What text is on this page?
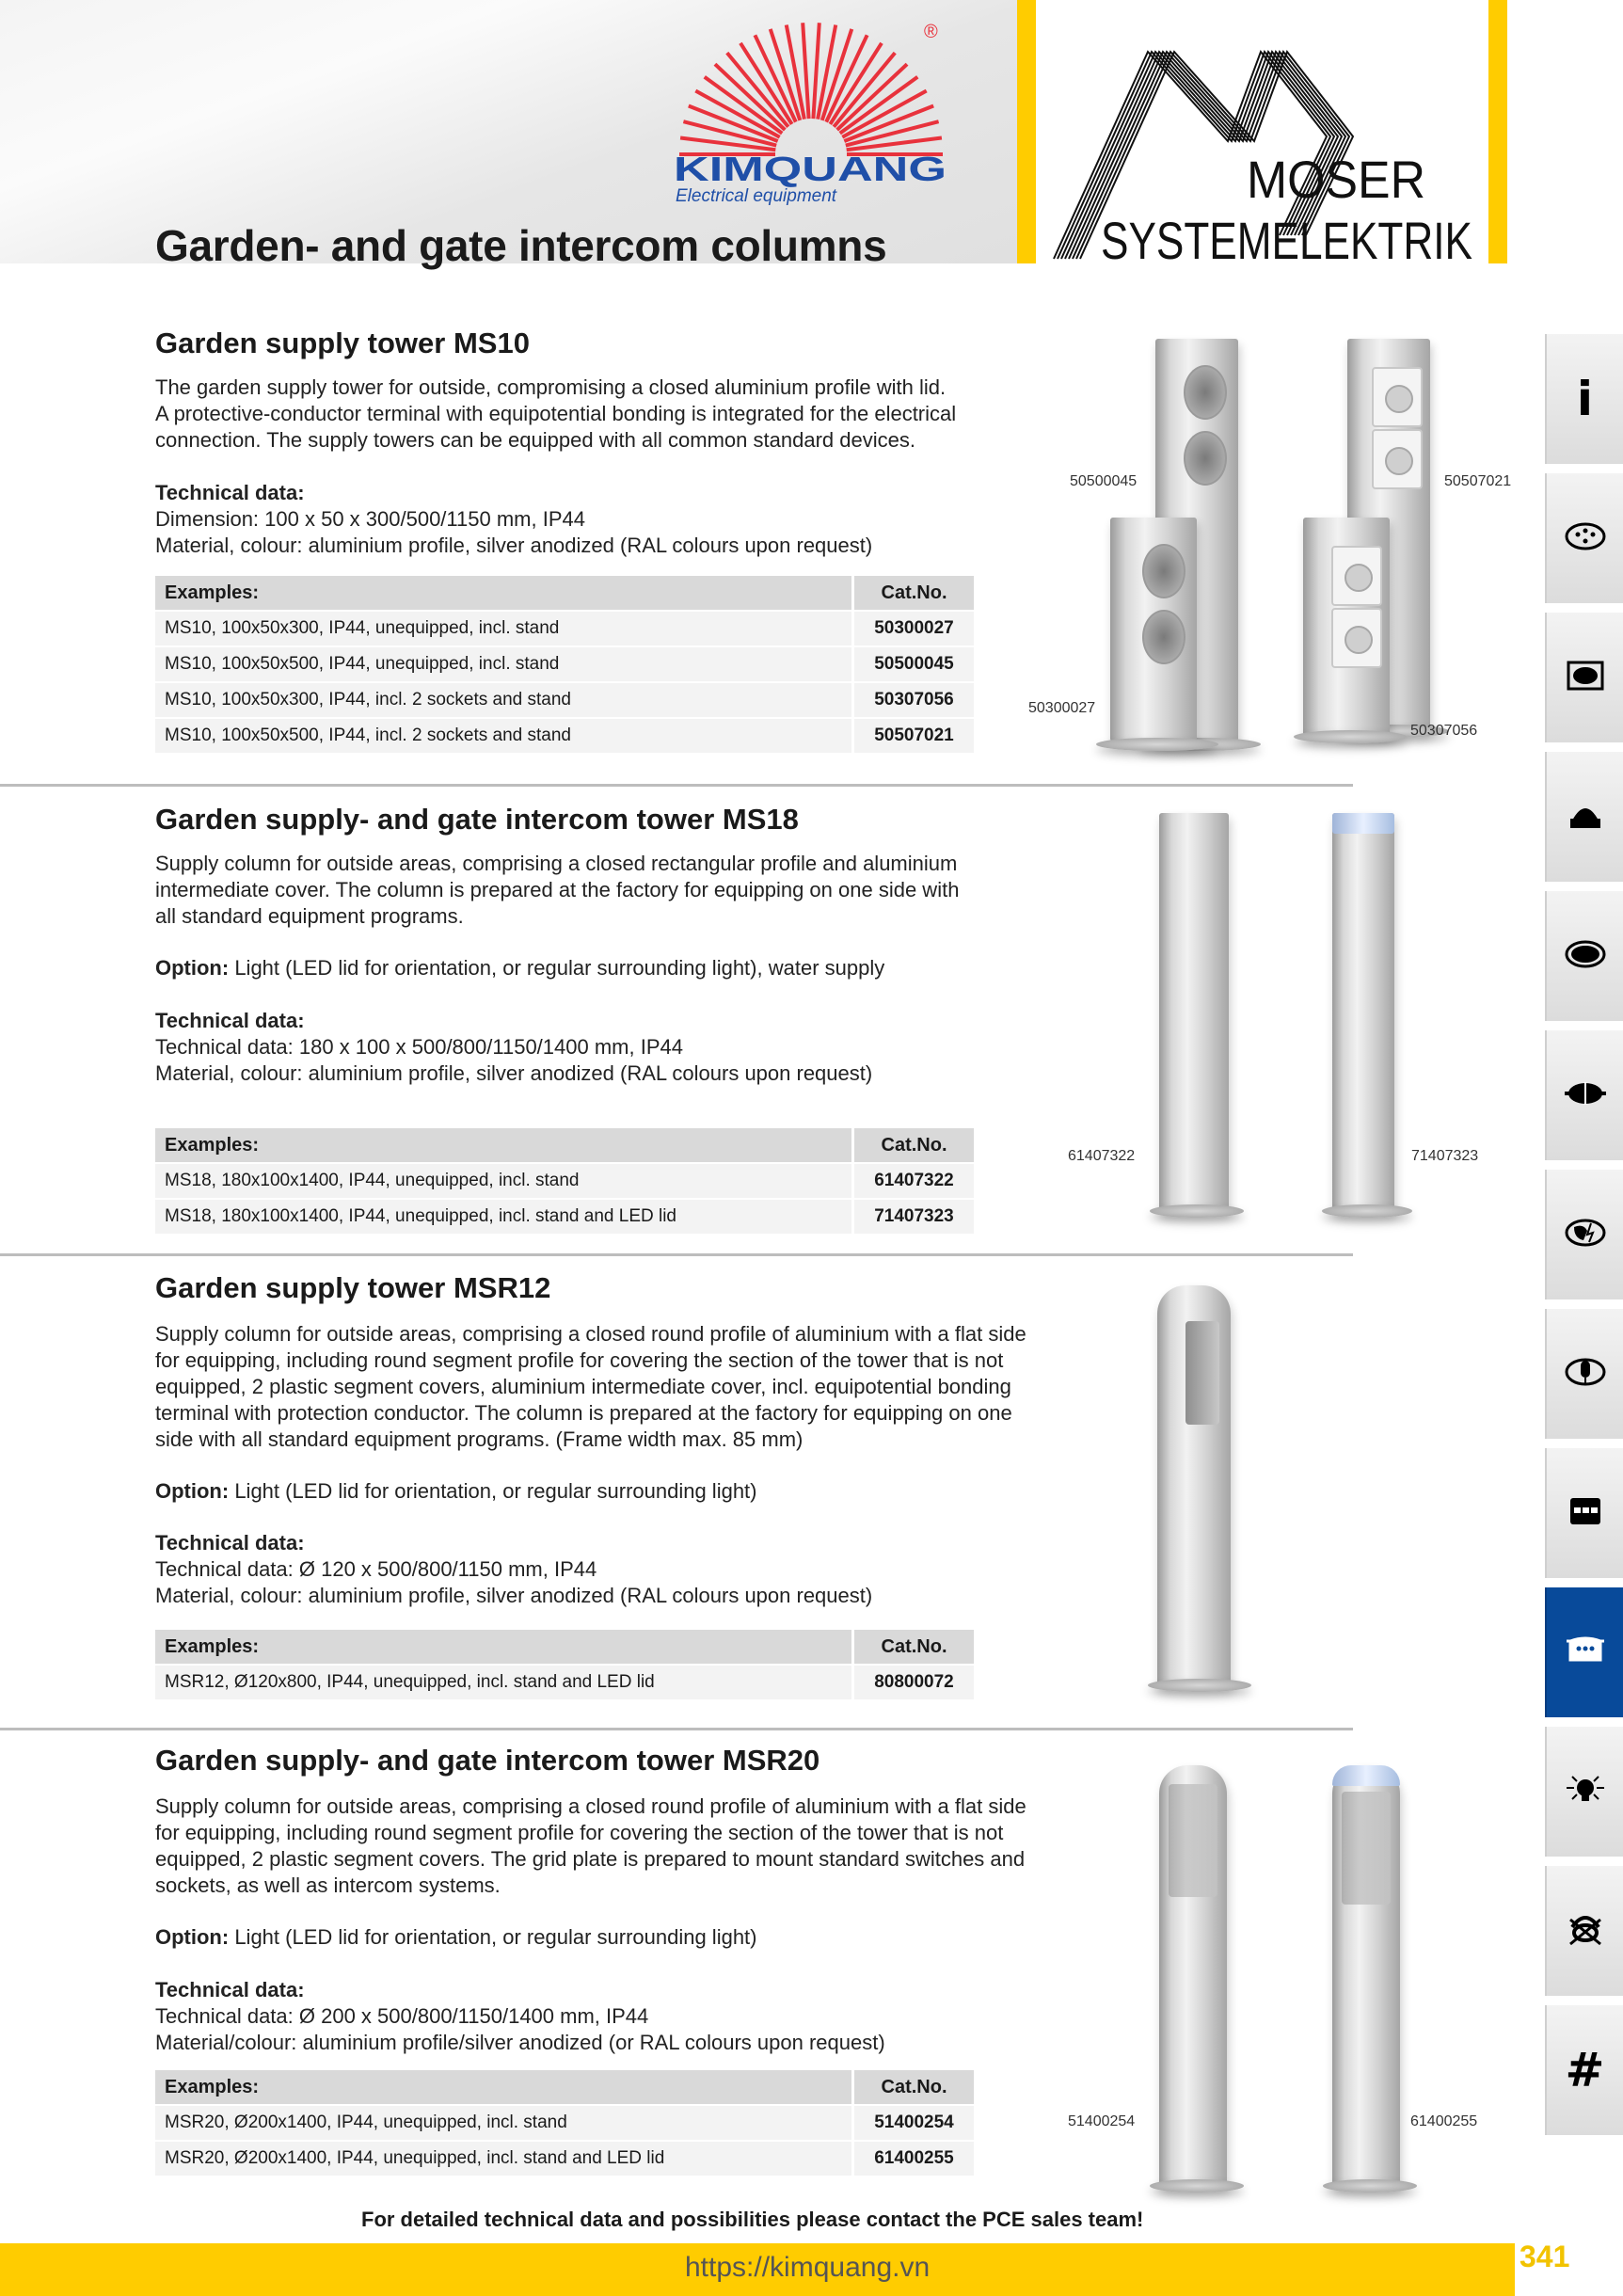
®
KIMQUANG
Electrical equipment	MOSER
SYSTEMELEKTRIK
Garden- and gate intercom columns
Garden supply tower MS10
The garden supply tower for outside, compromising a closed aluminium profile with lid.
A protective-conductor terminal with equipotential bonding is integrated for the electrical
connection. The supply towers can be equipped with all common standard devices.
Technical data:
Dimension: 100 x 50 x 300/500/1150 mm, IP44
Material, colour: aluminium profile, silver anodized (RAL colours upon request)
Examples:	Cat.No.
MS10, 100x50x300, IP44, unequipped, incl. stand	50300027
MS10, 100x50x500, IP44, unequipped, incl. stand	50500045
MS10, 100x50x300, IP44, incl. 2 sockets and stand	50307056
MS10, 100x50x500, IP44, incl. 2 sockets and stand	50507021
50500045	50507021
50300027
50307056
Garden supply- and gate intercom tower MS18
Supply column for outside areas, comprising a closed rectangular profile and aluminium
intermediate cover. The column is prepared at the factory for equipping on one side with
all standard equipment programs.
Option: Light (LED lid for orientation, or regular surrounding light), water supply
Technical data:
Technical data: 180 x 100 x 500/800/1150/1400 mm, IP44
Material, colour: aluminium profile, silver anodized (RAL colours upon request)
Examples:	Cat.No.
MS18, 180x100x1400, IP44, unequipped, incl. stand	61407322
MS18, 180x100x1400, IP44, unequipped, incl. stand and LED lid	71407323
61407322	71407323
Garden supply tower MSR12
Supply column for outside areas, comprising a closed round profile of aluminium with a flat side
for equipping, including round segment profile for covering the section of the tower that is not
equipped, 2 plastic segment covers, aluminium intermediate cover, incl. equipotential bonding
terminal with protection conductor. The column is prepared at the factory for equipping on one
side with all standard equipment programs. (Frame width max. 85 mm)
Option: Light (LED lid for orientation, or regular surrounding light)
Technical data:
Technical data: Ø 120 x 500/800/1150 mm, IP44
Material, colour: aluminium profile, silver anodized (RAL colours upon request)
Examples:	Cat.No.
MSR12, Ø120x800, IP44, unequipped, incl. stand and LED lid	80800072
Garden supply- and gate intercom tower MSR20
Supply column for outside areas, comprising a closed round profile of aluminium with a flat side
for equipping, including round segment profile for covering the section of the tower that is not
equipped, 2 plastic segment covers. The grid plate is prepared to mount standard switches and
sockets, as well as intercom systems.
Option: Light (LED lid for orientation, or regular surrounding light)
Technical data:
Technical data: Ø 200 x 500/800/1150/1400 mm, IP44
Material/colour: aluminium profile/silver anodized (or RAL colours upon request)
Examples:	Cat.No.
MSR20, Ø200x1400, IP44, unequipped, incl. stand	51400254
MSR20, Ø200x1400, IP44, unequipped, incl. stand and LED lid	61400255
51400254	61400255
i
#
For detailed technical data and possibilities please contact the PCE sales team!
https://kimquang.vn	341
